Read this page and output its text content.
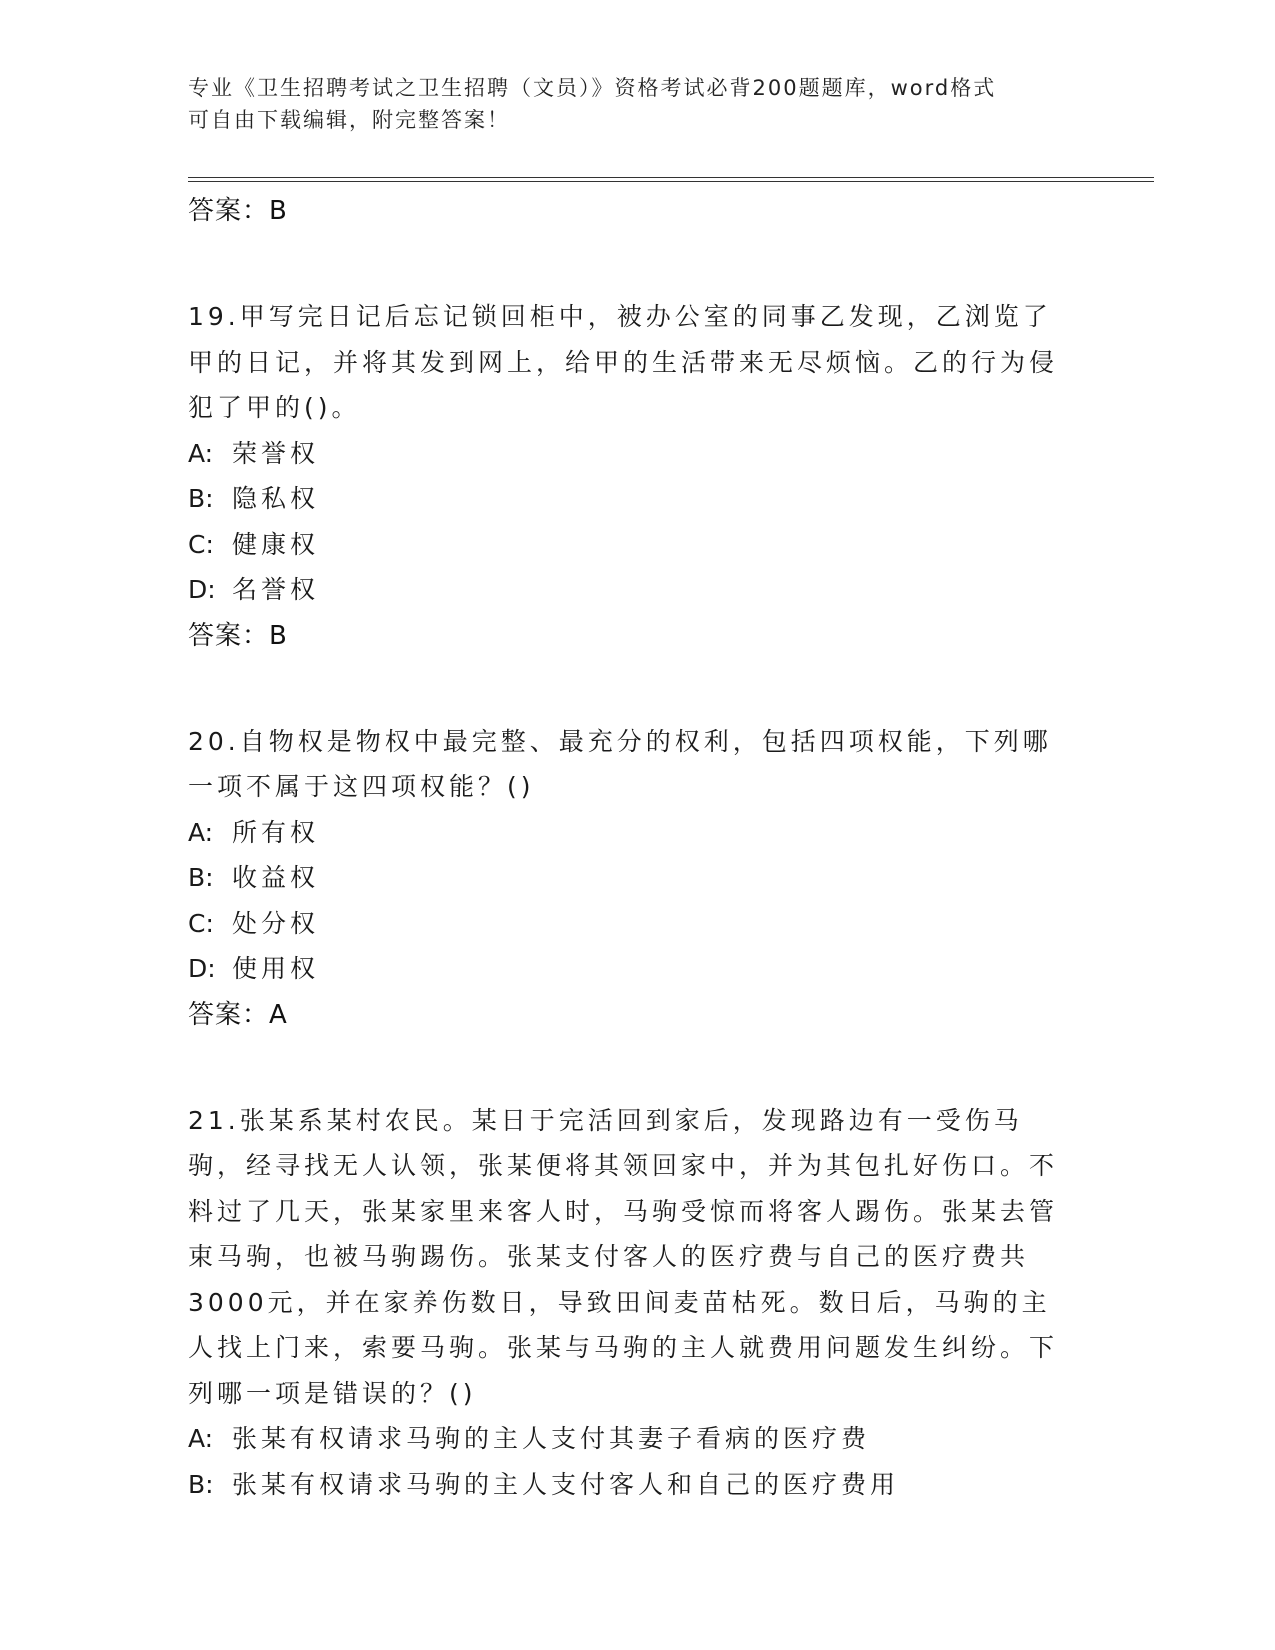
专业《卫生招聘考试之卫生招聘（文员）》资格考试必背200题题库，word格式
可自由下载编辑，附完整答案！
答案：B
19.甲写完日记后忘记锁回柜中，被办公室的同事乙发现，乙浏览了甲的日记，并将其发到网上，给甲的生活带来无尽烦恼。乙的行为侵犯了甲的()。
A: 荣誉权
B: 隐私权
C: 健康权
D: 名誉权
答案：B
20.自物权是物权中最完整、最充分的权利，包括四项权能，下列哪一项不属于这四项权能？()
A: 所有权
B: 收益权
C: 处分权
D: 使用权
答案：A
21.张某系某村农民。某日于完活回到家后，发现路边有一受伤马驹，经寻找无人认领，张某便将其领回家中，并为其包扎好伤口。不料过了几天，张某家里来客人时，马驹受惊而将客人踢伤。张某去管束马驹，也被马驹踢伤。张某支付客人的医疗费与自己的医疗费共3000元，并在家养伤数日，导致田间麦苗枯死。数日后，马驹的主人找上门来，索要马驹。张某与马驹的主人就费用问题发生纠纷。下列哪一项是错误的？()
A: 张某有权请求马驹的主人支付其妻子看病的医疗费
B: 张某有权请求马驹的主人支付客人和自己的医疗费用
